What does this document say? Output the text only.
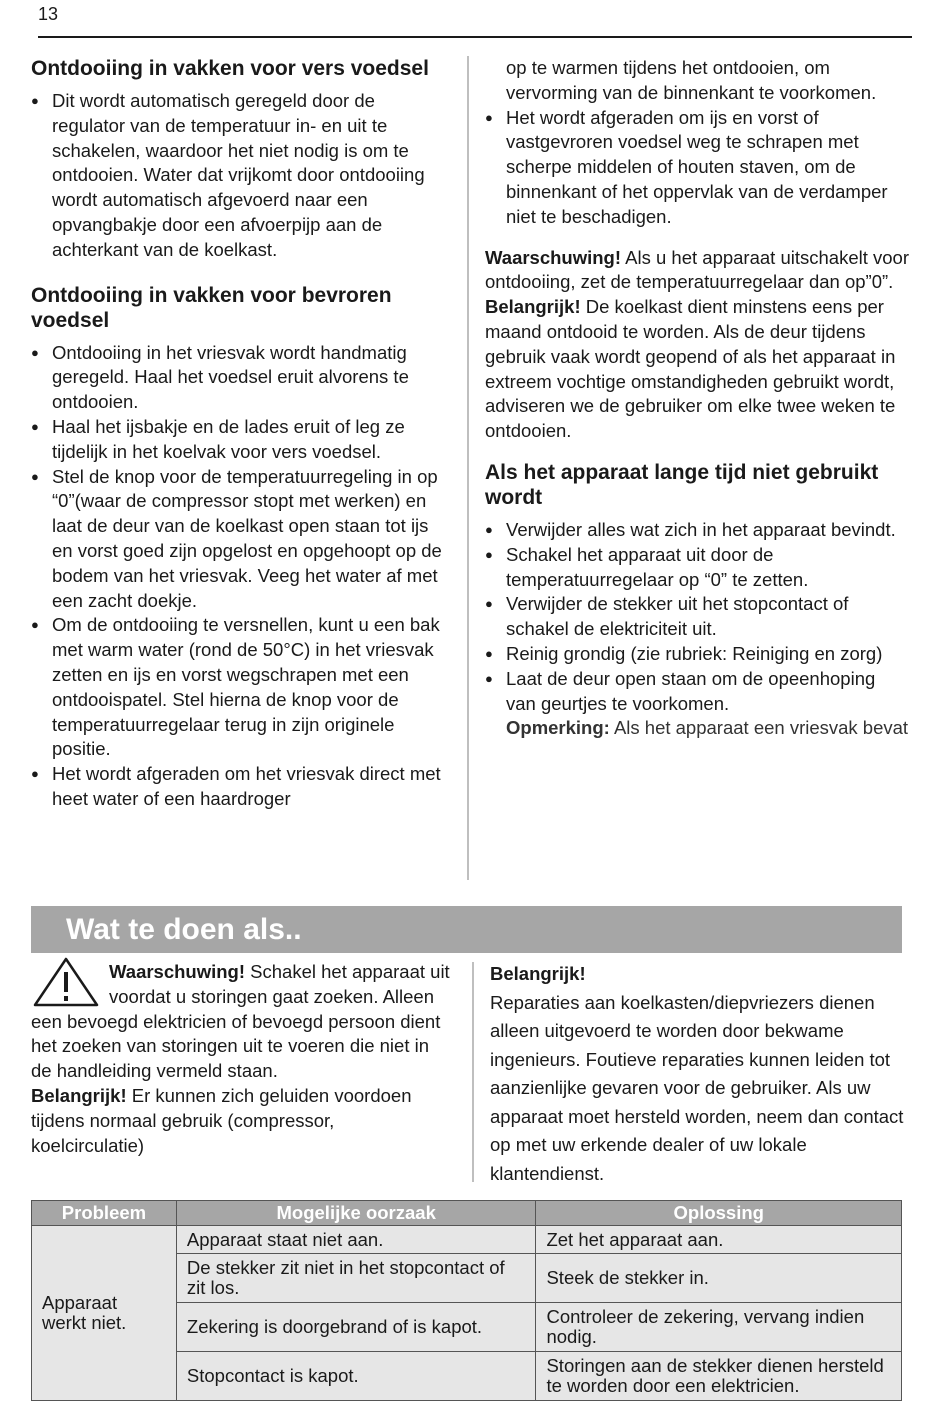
13
Ontdooiing in vakken voor vers voedsel
● Dit wordt automatisch geregeld door de regulator van de temperatuur in- en uit te schakelen, waardoor het niet nodig is om te ontdooien. Water dat vrijkomt door ontdooiing wordt automatisch afgevoerd naar een opvangbakje door een afvoerpijp aan de achterkant van de koelkast.
Ontdooiing in vakken voor bevroren voedsel
● Ontdooiing in het vriesvak wordt handmatig geregeld. Haal het voedsel eruit alvorens te ontdooien.
● Haal het ijsbakje en de lades eruit of leg ze tijdelijk in het koelvak voor vers voedsel.
● Stel de knop voor de temperatuurregeling in op “0”(waar de compressor stopt met werken) en laat de deur van de koelkast open staan tot ijs en vorst goed zijn opgelost en opgehoopt op de bodem van het vriesvak. Veeg het water af met een zacht doekje.
● Om de ontdooiing te versnellen, kunt u een bak met warm water (rond de 50°C) in het vriesvak zetten en ijs en vorst wegschrapen met een ontdooispatel. Stel hierna de knop voor de temperatuurregelaar terug in zijn originele positie.
● Het wordt afgeraden om het vriesvak direct met heet water of een haardroger
op te warmen tijdens het ontdooien, om vervorming van de binnenkant te voorkomen.
● Het wordt afgeraden om ijs en vorst of vastgevroren voedsel weg te schrapen met scherpe middelen of houten staven, om de binnenkant of het oppervlak van de verdamper niet te beschadigen.

Waarschuwing! Als u het apparaat uitschakelt voor ontdooiing, zet de temperatuurregelaar dan op”0”.

Belangrijk! De koelkast dient minstens eens per maand ontdooid te worden. Als de deur tijdens gebruik vaak wordt geopend of als het apparaat in extreem vochtige omstandigheden gebruikt wordt, adviseren we de gebruiker om elke twee weken te ontdooien.

Als het apparaat lange tijd niet gebruikt wordt
● Verwijder alles wat zich in het apparaat bevindt.
● Schakel het apparaat uit door de temperatuurregelaar op “0” te zetten.
● Verwijder de stekker uit het stopcontact of schakel de elektriciteit uit.
● Reinig grondig (zie rubriek: Reiniging en zorg)
● Laat de deur open staan om de opeenhoping van geurtjes te voorkomen.
Opmerking: Als het apparaat een vriesvak bevat
Wat te doen als..

Waarschuwing! Schakel het apparaat uit voordat u storingen gaat zoeken. Alleen een bevoegd elektricien of bevoegd persoon dient het zoeken van storingen uit te voeren die niet in de handleiding vermeld staan.

Belangrijk! Er kunnen zich geluiden voordoen tijdens normaal gebruik (compressor, koelcirculatie)

Belangrijk!

Reparaties aan koelkasten/diepvriezers dienen alleen uitgevoerd te worden door bekwame ingenieurs. Foutieve reparaties kunnen leiden tot aanzienlijke gevaren voor de gebruiker. Als uw apparaat moet hersteld worden, neem dan contact op met uw erkende dealer of uw lokale klantendienst.

Probleem	Mogelijke oorzaak	Oplossing
Apparaat werkt niet.	Apparaat staat niet aan.	Zet het apparaat aan.
	De stekker zit niet in het stopcontact of zit los.	Steek de stekker in.
	Zekering is doorgebrand of is kapot.	Controleer de zekering, vervang indien nodig.
	Stopcontact is kapot.	Storingen aan de stekker dienen hersteld te worden door een elektricien.
